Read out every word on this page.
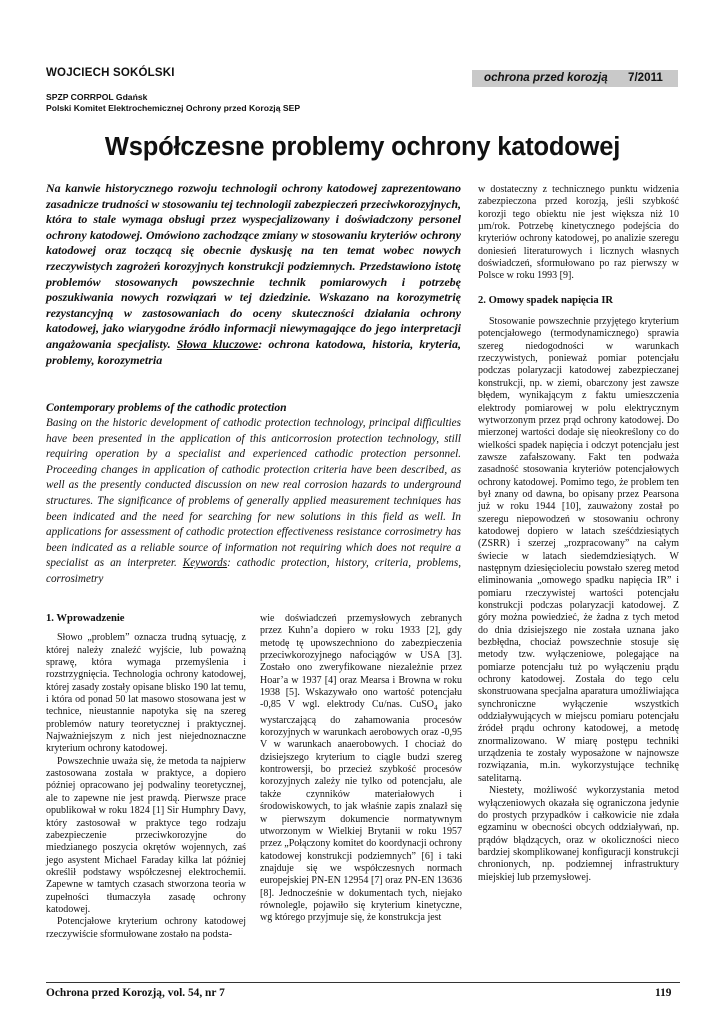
WOJCIECH SOKÓLSKI
SPZP CORRPOL Gdańsk
Polski Komitet Elektrochemicznej Ochrony przed Korozją SEP
ochrona przed korozją 7/2011
Współczesne problemy ochrony katodowej
Na kanwie historycznego rozwoju technologii ochrony katodowej zaprezentowano zasadnicze trudności w stosowaniu tej technologii zabezpieczeń przeciwkorozyjnych, która to stale wymaga obsługi przez wyspecjalizowany i doświadczony personel ochrony katodowej. Omówiono zachodzące zmiany w stosowaniu kryteriów ochrony katodowej oraz toczącą się obecnie dyskusję na ten temat wobec nowych rzeczywistych zagrożeń korozyjnych konstrukcji podziemnych. Przedstawiono istotę problemów stosowanych powszechnie technik pomiarowych i potrzebę poszukiwania nowych rozwiązań w tej dziedzinie. Wskazano na korozymetrię rezystancyjną w zastosowaniach do oceny skuteczności działania ochrony katodowej, jako wiarygodne źródło informacji niewymagające do jego interpretacji angażowania specjalisty. Słowa kluczowe: ochrona katodowa, historia, kryteria, problemy, korozymetria
Contemporary problems of the cathodic protection
Basing on the historic development of cathodic protection technology, principal difficulties have been presented in the application of this anticorrosion protection technology, still requiring operation by a specialist and experienced cathodic protection personnel. Proceeding changes in application of cathodic protection criteria have been described, as well as the presently conducted discussion on new real corrosion hazards to underground structures. The significance of problems of generally applied measurement techniques has been indicated and the need for searching for new solutions in this field as well. In applications for assessment of cathodic protection effectiveness resistance corrosimetry has been indicated as a reliable source of information not requiring which does not require a specialist as an interpreter. Keywords: cathodic protection, history, criteria, problems, corrosimetry
1. Wprowadzenie

Słowo „problem” oznacza trudną sytuację, z której należy znaleźć wyjście, lub poważną sprawę, która wymaga przemyślenia i rozstrzygnięcia. Technologia ochrony katodowej, której zasady zostały opisane blisko 190 lat temu, i która od ponad 50 lat masowo stosowana jest w technice, nieustannie napotyka się na szereg problemów natury teoretycznej i praktycznej. Najważniejszym z nich jest niejednoznaczne kryterium ochrony katodowej.

Powszechnie uważa się, że metoda ta najpierw zastosowana została w praktyce, a dopiero później opracowano jej podwaliny teoretycznej, ale to zapewne nie jest prawdą. Pierwsze prace opublikował w roku 1824 [1] Sir Humphry Davy, który zastosował w praktyce tego rodzaju zabezpieczenie przeciwkorozyjne do miedzianego poszycia okrętów wojennych, zaś jego asystent Michael Faraday kilka lat później określił podstawy współczesnej elektrochemii. Zapewne w tamtych czasach stworzona teoria w zupełności tłumaczyła zasadę ochrony katodowej.

Potencjałowe kryterium ochrony katodowej rzeczywiście sformułowane zostało na podsta-

wie doświadczeń przemysłowych zebranych przez Kuhn’a dopiero w roku 1933 [2], gdy metodę tę upowszechniono do zabezpieczenia przeciwkorozyjnego nafociągów w USA [3]. Zostało ono zweryfikowane niezależnie przez Hoar’a w 1937 [4] oraz Mearsa i Browna w roku 1938 [5]. Wskazywało ono wartość potencjału -0,85 V wgl. elektrody Cu/nas. CuSO$_4$ jako wystarczającą do zahamowania procesów korozyjnych w warunkach aerobowych oraz -0,95 V w warunkach anaerobowych. I chociaż do dzisiejszego kryterium to ciągle budzi szereg kontrowersji, bo przecież szybkość procesów korozyjnych zależy nie tylko od potencjału, ale także czynników materiałowych i środowiskowych, to jak właśnie zapis znalazł się w pierwszym dokumencie normatywnym utworzonym w Wielkiej Brytanii w roku 1957 przez „Połączony komitet do koordynacji ochrony katodowej konstrukcji podziemnych” [6] i taki znajduje się we współczesnych normach europejskiej PN-EN 12954 [7] oraz PN-EN 13636 [8]. Jednocześnie w dokumentach tych, niejako równolegle, pojawiło się kryterium kinetyczne, wg którego przyjmuje się, że konstrukcja jest

w dostateczny z technicznego punktu widzenia zabezpieczona przed korozją, jeśli szybkość korozji tego obiektu nie jest większa niż 10 µm/rok. Potrzebę kinetycznego podejścia do kryteriów ochrony katodowej, po analizie szeregu doniesień literaturowych i licznych własnych doświadczeń, sformułowano po raz pierwszy w Polsce w roku 1993 [9].

2. Omowy spadek napięcia IR

Stosowanie powszechnie przyjętego kryterium potencjałowego (termodynamicznego) sprawia szereg niedogodności w warunkach rzeczywistych, ponieważ pomiar potencjału podczas polaryzacji katodowej zabezpieczanej konstrukcji, np. w ziemi, obarczony jest zawsze błędem, wynikającym z faktu umieszczenia elektrody pomiarowej w polu elektrycznym wytworzonym przez prąd ochrony katodowej. Do mierzonej wartości dodaje się nieokreślony co do wielkości spadek napięcia i odczyt potencjału jest zawsze zafałszowany. Fakt ten podważa zasadność stosowania kryteriów potencjałowych ochrony katodowej. Pomimo tego, że problem ten był znany od dawna, bo opisany przez Pearsona już w roku 1944 [10], zauważony został po szeregu niepowodzeń w stosowaniu ochrony katodowej dopiero w latach sześćdziesiątych (ZSRR) i szerzej „rozpracowany” na całym świecie w latach siedemdziesiątych. W następnym dziesięcioleciu powstało szereg metod eliminowania „omowego spadku napięcia IR” i pomiaru rzeczywistej wartości potencjału konstrukcji podczas polaryzacji katodowej. Z góry można powiedzieć, że żadna z tych metod do dnia dzisiejszego nie została uznana jako bezbłędna, chociaż powszechnie stosuje się metody tzw. wyłączeniowe, polegające na pomiarze potencjału tuż po wyłączeniu prądu ochrony katodowej. Została do tego celu skonstruowana specjalna aparatura umożliwiająca synchroniczne wyłączenie wszystkich oddziaływujących w miejscu pomiaru potencjału źródeł prądu ochrony katodowej, a metodę znormalizowano. W miarę postępu techniki urządzenia te zostały wyposażone w najnowsze rozwiązania, m.in. wykorzystujące technikę satelitarną.

Niestety, możliwość wykorzystania metod wyłączeniowych okazała się ograniczona jedynie do prostych przypadków i całkowicie nie zdała egzaminu w obecności obcych oddziaływań, np. prądów błądzących, oraz w okoliczności nieco bardziej skomplikowanej konfiguracji konstrukcji chronionych, np. podziemnej infrastruktury miejskiej lub przemysłowej.

Ochrona przed Korozją, vol. 54, nr 7	119
